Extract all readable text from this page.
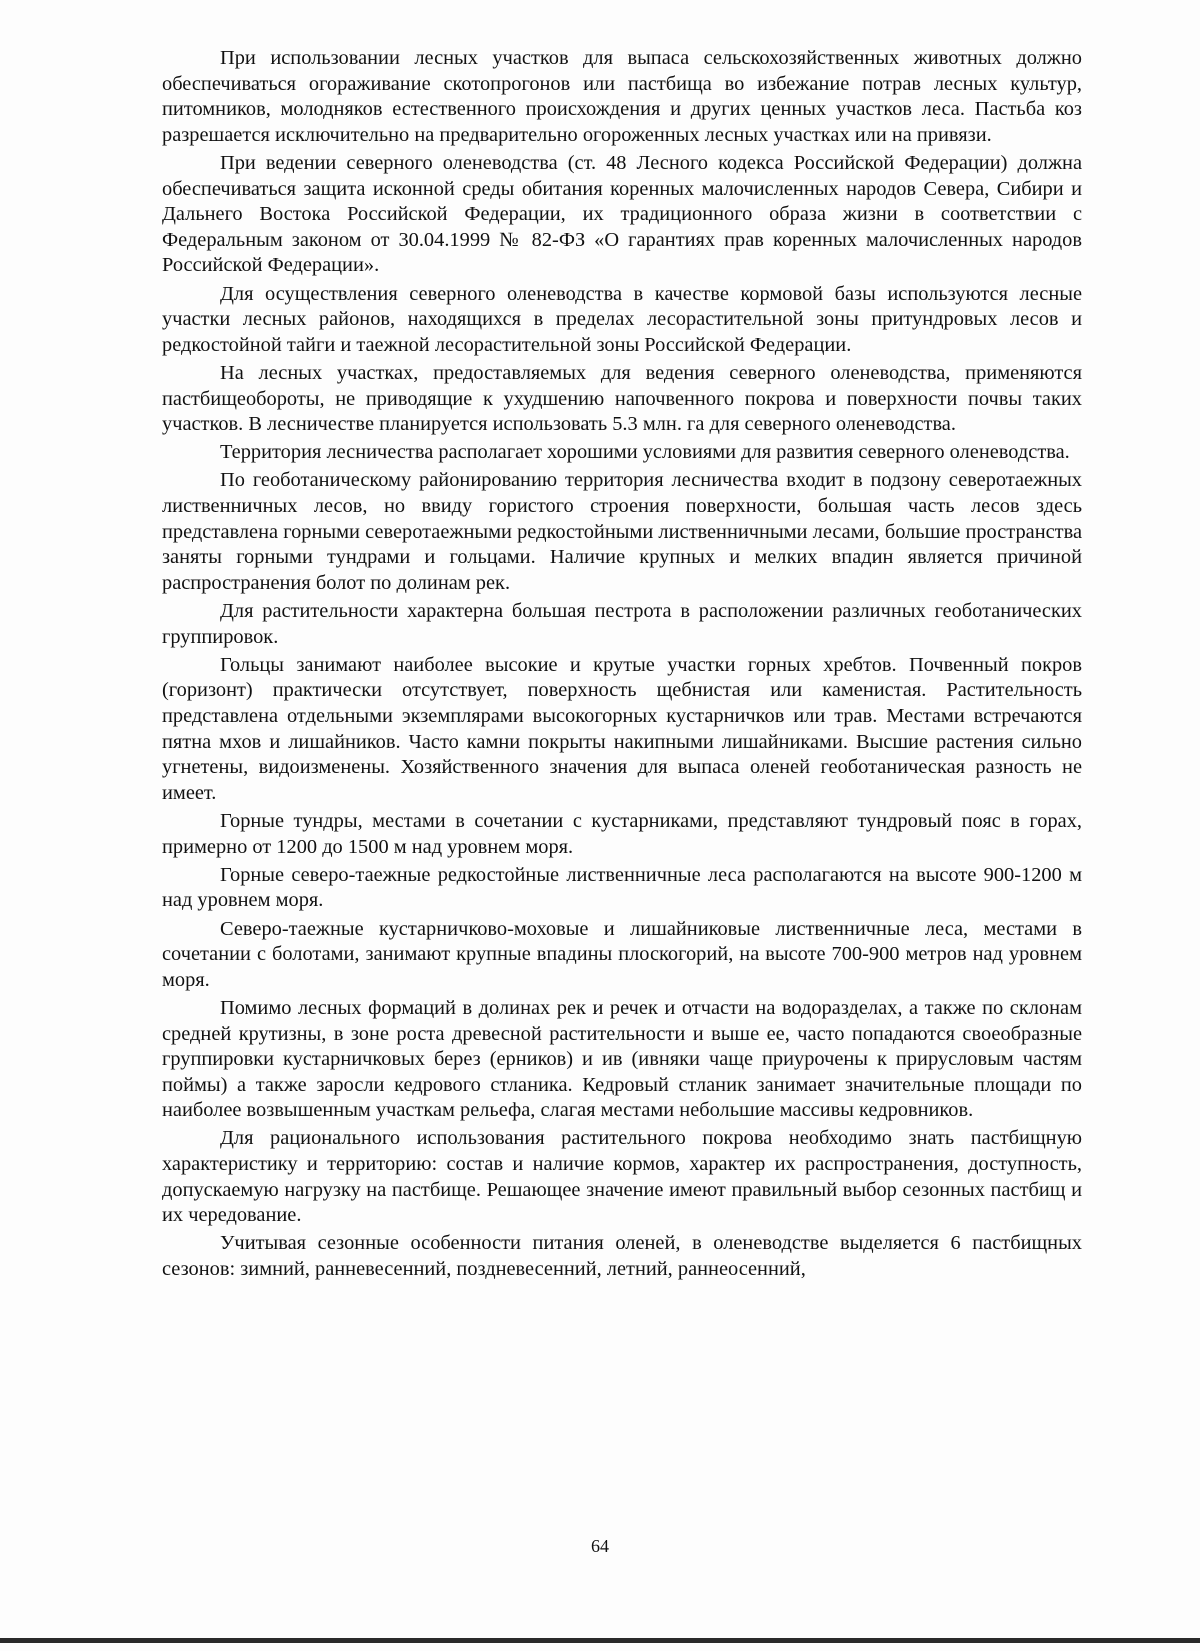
При использовании лесных участков для выпаса сельскохозяйственных животных должно обеспечиваться огораживание скотопрогонов или пастбища во избежание потрав лесных культур, питомников, молодняков естественного происхождения и других ценных участков леса. Пастьба коз разрешается исключительно на предварительно огороженных лесных участках или на привязи.

При ведении северного оленеводства (ст. 48 Лесного кодекса Российской Федерации) должна обеспечиваться защита исконной среды обитания коренных малочисленных народов Севера, Сибири и Дальнего Востока Российской Федерации, их традиционного образа жизни в соответствии с Федеральным законом от 30.04.1999 № 82-ФЗ «О гарантиях прав коренных малочисленных народов Российской Федерации».

Для осуществления северного оленеводства в качестве кормовой базы используются лесные участки лесных районов, находящихся в пределах лесорастительной зоны притундровых лесов и редкостойной тайги и таежной лесорастительной зоны Российской Федерации.

На лесных участках, предоставляемых для ведения северного оленеводства, применяются пастбищеобороты, не приводящие к ухудшению напочвенного покрова и поверхности почвы таких участков. В лесничестве планируется использовать 5.3 млн. га для северного оленеводства.

Территория лесничества располагает хорошими условиями для развития северного оленеводства.

По геоботаническому районированию территория лесничества входит в подзону северотаежных лиственничных лесов, но ввиду гористого строения поверхности, большая часть лесов здесь представлена горными северотаежными редкостойными лиственничными лесами, большие пространства заняты горными тундрами и гольцами. Наличие крупных и мелких впадин является причиной распространения болот по долинам рек.

Для растительности характерна большая пестрота в расположении различных геоботанических группировок.

Гольцы занимают наиболее высокие и крутые участки горных хребтов. Почвенный покров (горизонт) практически отсутствует, поверхность щебнистая или каменистая. Растительность представлена отдельными экземплярами высокогорных кустарничков или трав. Местами встречаются пятна мхов и лишайников. Часто камни покрыты накипными лишайниками. Высшие растения сильно угнетены, видоизменены. Хозяйственного значения для выпаса оленей геоботаническая разность не имеет.

Горные тундры, местами в сочетании с кустарниками, представляют тундровый пояс в горах, примерно от 1200 до 1500 м над уровнем моря.

Горные северо-таежные редкостойные лиственничные леса располагаются на высоте 900-1200 м над уровнем моря.

Северо-таежные кустарничково-моховые и лишайниковые лиственничные леса, местами в сочетании с болотами, занимают крупные впадины плоскогорий, на высоте 700-900 метров над уровнем моря.

Помимо лесных формаций в долинах рек и речек и отчасти на водоразделах, а также по склонам средней крутизны, в зоне роста древесной растительности и выше ее, часто попадаются своеобразные группировки кустарничковых берез (ерников) и ив (ивняки чаще приурочены к прирусловым частям поймы) а также заросли кедрового стланика. Кедровый стланик занимает значительные площади по наиболее возвышенным участкам рельефа, слагая местами небольшие массивы кедровников.

Для рационального использования растительного покрова необходимо знать пастбищную характеристику и территорию: состав и наличие кормов, характер их распространения, доступность, допускаемую нагрузку на пастбище. Решающее значение имеют правильный выбор сезонных пастбищ и их чередование.

Учитывая сезонные особенности питания оленей, в оленеводстве выделяется 6 пастбищных сезонов: зимний, ранневесенний, поздневесенний, летний, раннеосенний,

64
